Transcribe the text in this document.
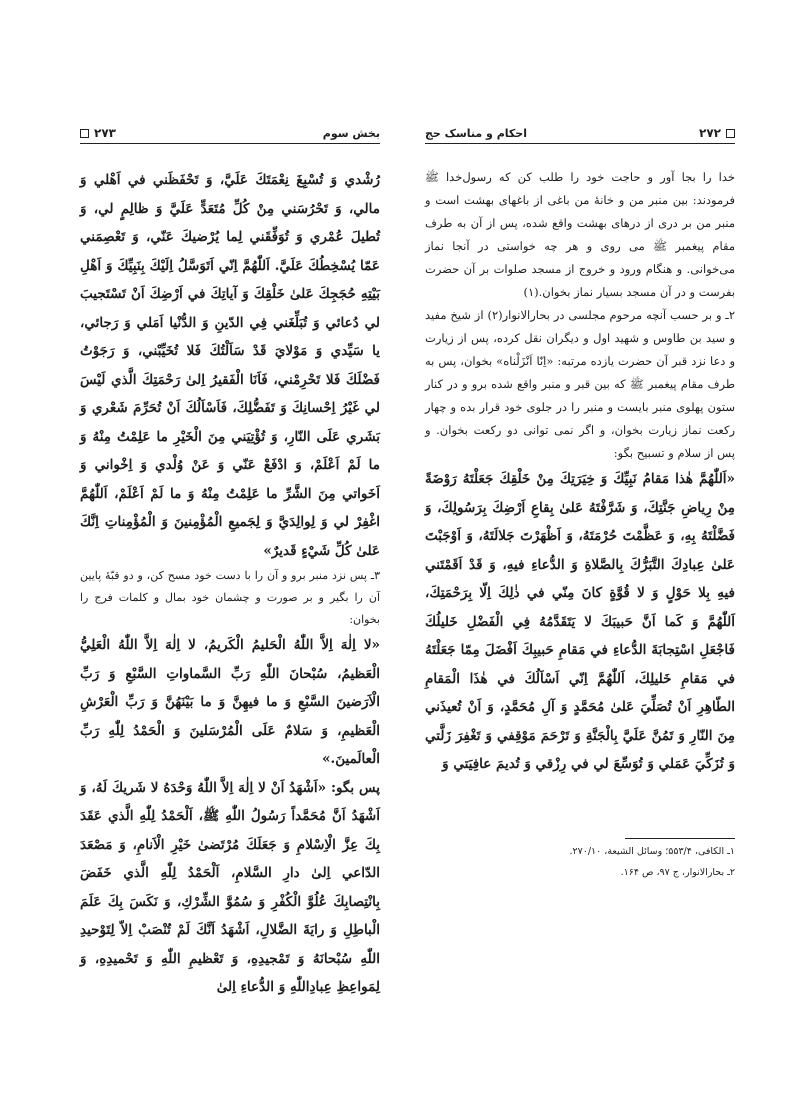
۲۷۲
احکام و مناسک حج

خدا را بجا آور و حاجت خود را طلب کن که رسول‌خدا ﷺ فرمودند: بین منبر من و خانهٔ من باغی از باغهای بهشت است و منبر من بر دری از درهای بهشت واقع شده، پس از آن به طرف مقام پیغمبر ﷺ می روی و هر چه خواستی در آنجا نماز می‌خوانی. و هنگام ورود و خروج از مسجد صلوات بر آن حضرت بفرست و در آن مسجد بسیار نماز بخوان.(۱)

۲ـ و بر حسب آنچه مرحوم مجلسی در بحارالانوار(۲) از شیخ مفید و سید بن طاوس و شهید اول و دیگران نقل کرده، پس از زیارت و دعا نزد قبر آن حضرت یازده مرتبه: «اِنّا اَنْزَلْناه» بخوان، پس به طرف مقام پیغمبر ﷺ که بین قبر و منبر واقع شده برو و در کنار ستون پهلوی منبر بایست و منبر را در جلوی خود قرار بده و چهار رکعت نماز زیارت بخوان، و اگر نمی توانی دو رکعت بخوان. و پس از سلام و تسبیح بگو:

«اَللّٰهُمَّ هٰذا مَقامُ نَبِيِّكَ وَ خِيَرَتِكَ مِنْ خَلْقِكَ جَعَلْتَهُ رَوْضَةً مِنْ رِياضِ جَنَّتِكَ، وَ شَرَّفْتَهُ عَلىٰ بِقاعِ اَرْضِكَ بِرَسُولِكَ، وَ فَضَّلْتَهُ بِهِ، وَ عَظَّمْتَ حُرْمَتَهُ، وَ اَظْهَرْتَ جَلالَتَهُ، وَ اَوْجَبْتَ عَلىٰ عِبادِكَ التَّبَرُّكَ بِالصَّلاةِ وَ الدُّعاءِ فيهِ، وَ قَدْ اَقَمْتَني فيهِ بِلا حَوْلٍ وَ لا قُوَّةٍ كانَ مِنّي في ذٰلِكَ اِلّا بِرَحْمَتِكَ، اَللّٰهُمَّ وَ كَما اَنَّ حَبيبَكَ لا يَتَقَدَّمُهُ فِي الْفَضْلِ خَليلُكَ فَاجْعَلِ اسْتِجابَةَ الدُّعاءِ في مَقامِ حَبيبِكَ اَفْضَلَ مِمّا جَعَلْتَهُ في مَقامِ خَليلِكَ، اَللّٰهُمَّ اِنّي اَسْاَلُكَ في هٰذَا الْمَقامِ الطّاهِرِ اَنْ تُصَلِّيَ عَلىٰ مُحَمَّدٍ وَ آلِ مُحَمَّدٍ، وَ اَنْ تُعيذَني مِنَ النّارِ وَ تَمُنَّ عَلَيَّ بِالْجَنَّةِ وَ تَرْحَمَ مَوْقِفي وَ تَغْفِرَ زَلَّتي وَ تُزَكِّيَ عَمَلي وَ تُوَسِّعَ لي في رِزْقي وَ تُديمَ عافِيَتي وَ

۱ـ الکافی، ۵۵۳/۴؛ وسائل الشیعة، ۲۷۰/۱۰.

۲ـ بحارالانوار، ج ۹۷، ص ۱۶۴.

بخش سوم
۲۷۳

رُشْدي وَ تُسْبِغَ نِعْمَتَكَ عَلَيَّ، وَ تَحْفَظَني في اَهْلي وَ مالي، وَ تَحْرُسَني مِنْ كُلِّ مُتَعَدٍّ عَلَيَّ وَ ظالِمٍ لي، وَ تُطيلَ عُمْري وَ تُوَفِّقَني لِما يُرْضيكَ عَنّي، وَ تَعْصِمَني عَمّا يُسْخِطُكَ عَلَيَّ. اَللّٰهُمَّ اِنّي اَتَوَسَّلُ اِلَيْكَ بِنَبِيِّكَ وَ اَهْلِ بَيْتِهِ حُجَجِكَ عَلىٰ خَلْقِكَ وَ آياتِكَ في اَرْضِكَ اَنْ تَسْتَجيبَ لي دُعائي وَ تُبَلِّغَني فِي الدّينِ وَ الدُّنْيا اَمَلي وَ رَجائي، يا سَيِّدي وَ مَوْلايَ قَدْ سَاَلْتُكَ فَلا تُخَيِّبْني، وَ رَجَوْتُ فَضْلَكَ فَلا تَحْرِمْني، فَاَنَا الْفَقيرُ اِلىٰ رَحْمَتِكَ الَّذي لَيْسَ لي غَيْرُ اِحْسانِكَ وَ تَفَضُّلِكَ، فَاَسْاَلُكَ اَنْ تُحَرِّمَ شَعْري وَ بَشَري عَلَى النّارِ، وَ تُؤْتِيَني مِنَ الْخَيْرِ ما عَلِمْتُ مِنْهُ وَ ما لَمْ اَعْلَمْ، وَ ادْفَعْ عَنّي وَ عَنْ وُلْدي وَ اِخْواني وَ اَخَواتي مِنَ الشَّرِّ ما عَلِمْتُ مِنْهُ وَ ما لَمْ اَعْلَمْ، اَللّٰهُمَّ اغْفِرْ لي وَ لِوالِدَيَّ وَ لِجَميعِ الْمُؤْمِنينَ وَ الْمُؤْمِناتِ اِنَّكَ عَلىٰ كُلِّ شَيْءٍ قَديرٌ»

۳ـ پس نزد منبر برو و آن را با دست خود مسح کن، و دو قبّهٔ پایین آن را بگیر و بر صورت و چشمان خود بمال و کلمات فرج را بخوان:

«لا اِلٰهَ اِلاَّ اللّٰهُ الْحَليمُ الْكَريمُ، لا اِلٰهَ اِلاَّ اللّٰهُ الْعَلِيُّ الْعَظيمُ، سُبْحانَ اللّٰهِ رَبِّ السَّماواتِ السَّبْعِ وَ رَبِّ الْاَرَضينَ السَّبْعِ وَ ما فيهِنَّ وَ ما بَيْنَهُنَّ وَ رَبِّ الْعَرْشِ الْعَظيمِ، وَ سَلامٌ عَلَى الْمُرْسَلينَ وَ الْحَمْدُ لِلّٰهِ رَبِّ الْعالَمينَ.»

پس بگو: «اَشْهَدُ اَنْ لا اِلٰهَ اِلاَّ اللّٰهُ وَحْدَهُ لا شَريكَ لَهُ، وَ اَشْهَدُ اَنَّ مُحَمَّداً رَسُولُ اللّٰهِ ﷺ، اَلْحَمْدُ لِلّٰهِ الَّذي عَقَدَ بِكَ عِزَّ الْاِسْلامِ وَ جَعَلَكَ مُرْتَضىٰ خَيْرِ الْاَنامِ، وَ مَصْعَدَ الدّاعي اِلىٰ دارِ السَّلامِ، اَلْحَمْدُ لِلّٰهِ الَّذي خَفَضَ بِانْتِصابِكَ عُلُوَّ الْكُفْرِ وَ سُمُوَّ الشِّرْكِ، وَ نَكَسَ بِكَ عَلَمَ الْباطِلِ وَ رايَةَ الضَّلالِ، اَشْهَدُ اَنَّكَ لَمْ تُنْصَبْ اِلاّ لِتَوْحيدِ اللّٰهِ سُبْحانَهُ وَ تَمْجيدِهِ، وَ تَعْظيمِ اللّٰهِ وَ تَحْميدِهِ، وَ لِمَواعِظِ عِبادِاللّٰهِ وَ الدُّعاءِ اِلىٰ
